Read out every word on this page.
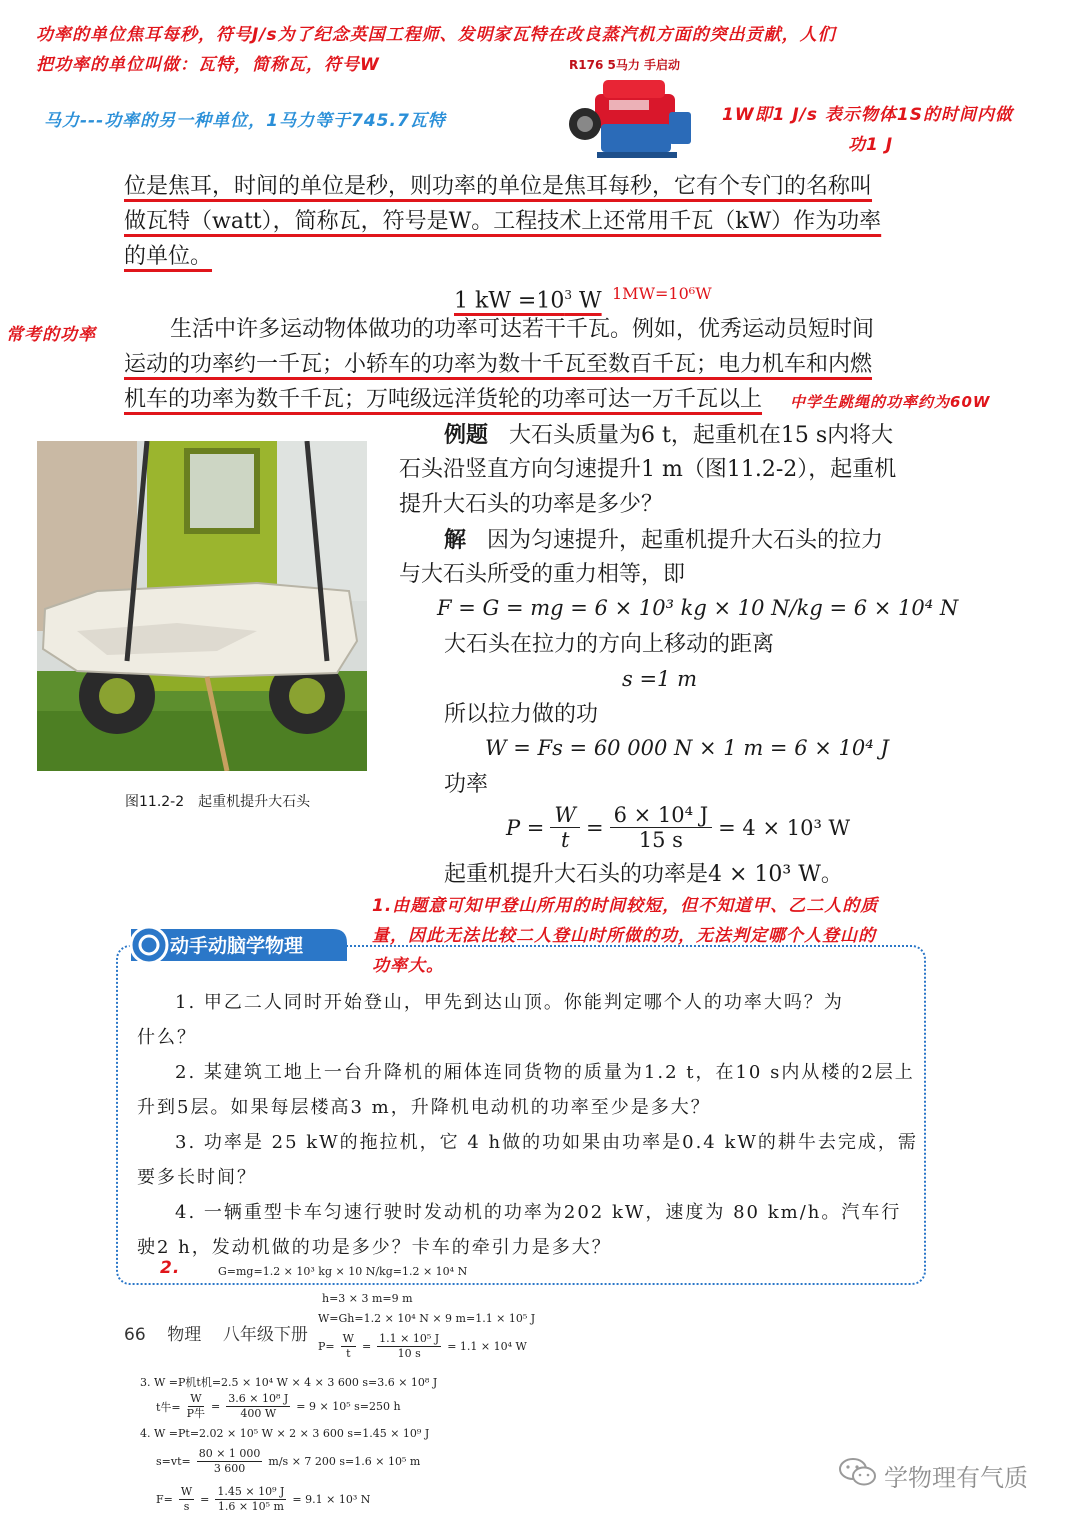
功率的单位焦耳每秒，符号J/s为了纪念英国工程师、发明家瓦特在改良蒸汽机方面的突出贡献，人们
把功率的单位叫做：瓦特，简称瓦，符号W	R176 5马力 手启动
马力---功率的另一种单位，1马力等于745.7瓦特	1W即1 J/s 表示物体1S的时间内做
功1 J
位是焦耳，时间的单位是秒，则功率的单位是焦耳每秒，它有个专门的名称叫
做瓦特（watt），简称瓦，符号是W。工程技术上还常用千瓦（kW）作为功率
的单位。
1 kW $=10^3$ W 1MW=10⁶W
常考的功率	生活中许多运动物体做功的功率可达若干千瓦。例如，优秀运动员短时间
运动的功率约一千瓦；小轿车的功率为数十千瓦至数百千瓦；电力机车和内燃
机车的功率为数千千瓦；万吨级远洋货轮的功率可达一万千瓦以上 中学生跳绳的功率约为60W
图11.2-2　起重机提升大石头
例题 大石头质量为6 t，起重机在15 s内将大
石头沿竖直方向匀速提升1 m（图11.2-2），起重机
提升大石头的功率是多少？
解 因为匀速提升，起重机提升大石头的拉力
与大石头所受的重力相等，即
F = G = mg = 6 × 10³ kg × 10 N/kg = 6 × 10⁴ N
大石头在拉力的方向上移动的距离
s =1 m
所以拉力做的功
W = Fs = 60 000 N × 1 m = 6 × 10⁴ J
功率
$P = \frac{W}{t} = \frac{\text{6 × 10⁴ J}}{15 s} = 4 \times 10^3$ W
起重机提升大石头的功率是4 × 10³ W。
1.由题意可知甲登山所用的时间较短，但不知道甲、乙二人的质
量，因此无法比较二人登山时所做的功，无法判定哪个人登山的
功率大。
动手动脑学物理
1. 甲乙二人同时开始登山，甲先到达山顶。你能判定哪个人的功率大吗？为
什么？
2. 某建筑工地上一台升降机的厢体连同货物的质量为1.2 t，在10 s内从楼的2层上
升到5层。如果每层楼高3 m，升降机电动机的功率至少是多大？
3. 功率是 25 kW的拖拉机，它 4 h做的功如果由功率是0.4 kW的耕牛去完成，需
要多长时间？
4. 一辆重型卡车匀速行驶时发动机的功率为202 kW，速度为 80 km/h。汽车行
驶2 h，发动机做的功是多少？卡车的牵引力是多大？
2.	G=mg=1.2 × 10³ kg × 10 N/kg=1.2 × 10⁴ N
h=3 × 3 m=9 m
W=Gh=1.2 × 10⁴ N × 9 m=1.1 × 10⁵ J
$P= \frac{W}{t} = \frac{\text{1.1 × 10⁵ J}}{10 s} = 1.1 \times 10^4$ W
66 物理 八年级下册
3. W =P机t机=2.5 × 10⁴ W × 4 × 3 600 s=3.6 × 10⁸ J
t牛= $\frac{W}{\text{P牛}} = \frac{\text{3.6 × 10⁸ J}}{400 W} = 9 \times 10^5$ s=250 h
4. W =Pt=2.02 × 10⁵ W × 2 × 3 600 s=1.45 × 10⁹ J
$s=vt= \frac{80 \times 1 000}{3 600} m/s \times 7$ 200 s=1.6 × 10⁵ m
$F= \frac{W}{s} = \frac{\text{1.45 × 10⁹ J}}{\text{1.6 × 10⁵ m}} = 9.1 \times 10^3$ N
学物理有气质
